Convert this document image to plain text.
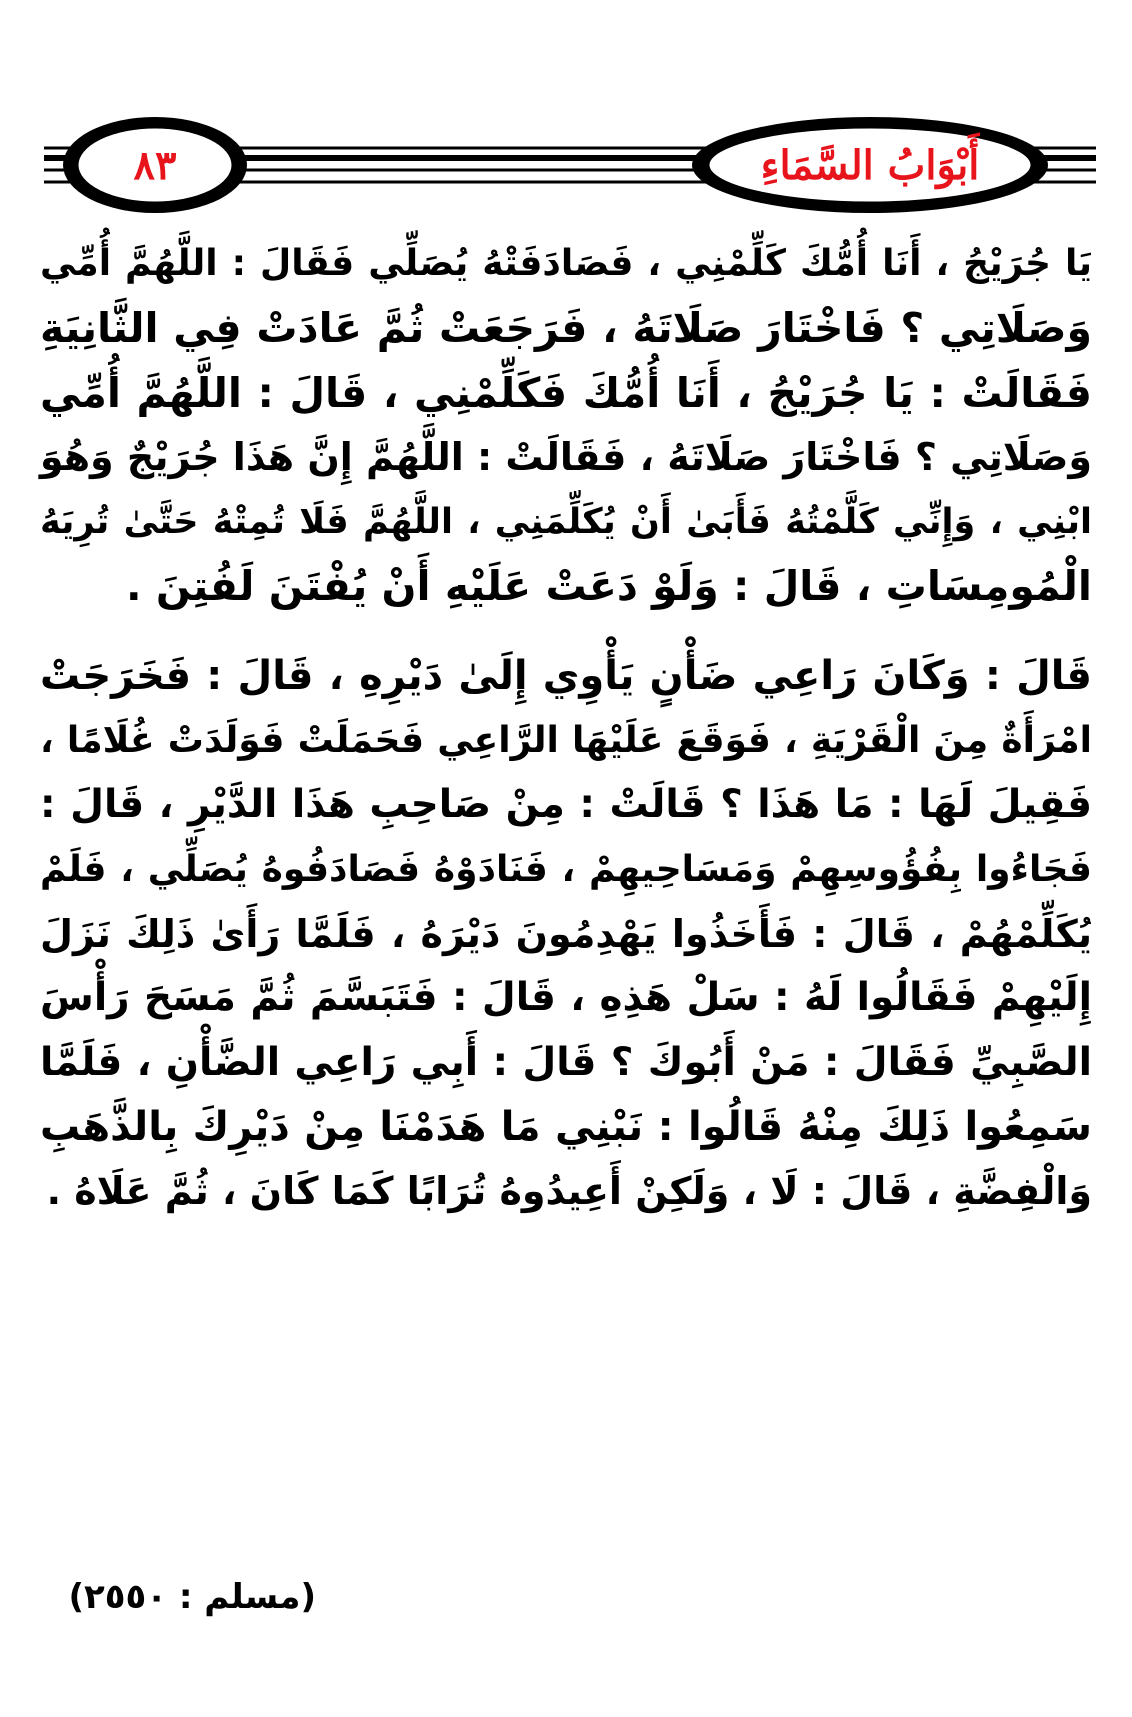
أَبْوَابُ السَّمَاءِ
٨٣
يَا جُرَيْجُ ، أَنَا أُمُّكَ كَلِّمْنِي ، فَصَادَفَتْهُ يُصَلِّي فَقَالَ : اللَّهُمَّ أُمِّي
وَصَلَاتِي ؟ فَاخْتَارَ صَلَاتَهُ ، فَرَجَعَتْ ثُمَّ عَادَتْ فِي الثَّانِيَةِ
فَقَالَتْ : يَا جُرَيْجُ ، أَنَا أُمُّكَ فَكَلِّمْنِي ، قَالَ : اللَّهُمَّ أُمِّي
وَصَلَاتِي ؟ فَاخْتَارَ صَلَاتَهُ ، فَقَالَتْ : اللَّهُمَّ إِنَّ هَذَا جُرَيْجٌ وَهُوَ
ابْنِي ، وَإِنِّي كَلَّمْتُهُ فَأَبَىٰ أَنْ يُكَلِّمَنِي ، اللَّهُمَّ فَلَا تُمِتْهُ حَتَّىٰ تُرِيَهُ
الْمُومِسَاتِ ، قَالَ : وَلَوْ دَعَتْ عَلَيْهِ أَنْ يُفْتَنَ لَفُتِنَ .
قَالَ : وَكَانَ رَاعِي ضَأْنٍ يَأْوِي إِلَىٰ دَيْرِهِ ، قَالَ : فَخَرَجَتْ
امْرَأَةٌ مِنَ الْقَرْيَةِ ، فَوَقَعَ عَلَيْهَا الرَّاعِي فَحَمَلَتْ فَوَلَدَتْ غُلَامًا ،
فَقِيلَ لَهَا : مَا هَذَا ؟ قَالَتْ : مِنْ صَاحِبِ هَذَا الدَّيْرِ ، قَالَ :
فَجَاءُوا بِفُؤُوسِهِمْ وَمَسَاحِيهِمْ ، فَنَادَوْهُ فَصَادَفُوهُ يُصَلِّي ، فَلَمْ
يُكَلِّمْهُمْ ، قَالَ : فَأَخَذُوا يَهْدِمُونَ دَيْرَهُ ، فَلَمَّا رَأَىٰ ذَلِكَ نَزَلَ
إِلَيْهِمْ فَقَالُوا لَهُ : سَلْ هَذِهِ ، قَالَ : فَتَبَسَّمَ ثُمَّ مَسَحَ رَأْسَ
الصَّبِيِّ فَقَالَ : مَنْ أَبُوكَ ؟ قَالَ : أَبِي رَاعِي الضَّأْنِ ، فَلَمَّا
سَمِعُوا ذَلِكَ مِنْهُ قَالُوا : نَبْنِي مَا هَدَمْنَا مِنْ دَيْرِكَ بِالذَّهَبِ
وَالْفِضَّةِ ، قَالَ : لَا ، وَلَكِنْ أَعِيدُوهُ تُرَابًا كَمَا كَانَ ، ثُمَّ عَلَاهُ .
(مسلم : ٢٥٥٠)
